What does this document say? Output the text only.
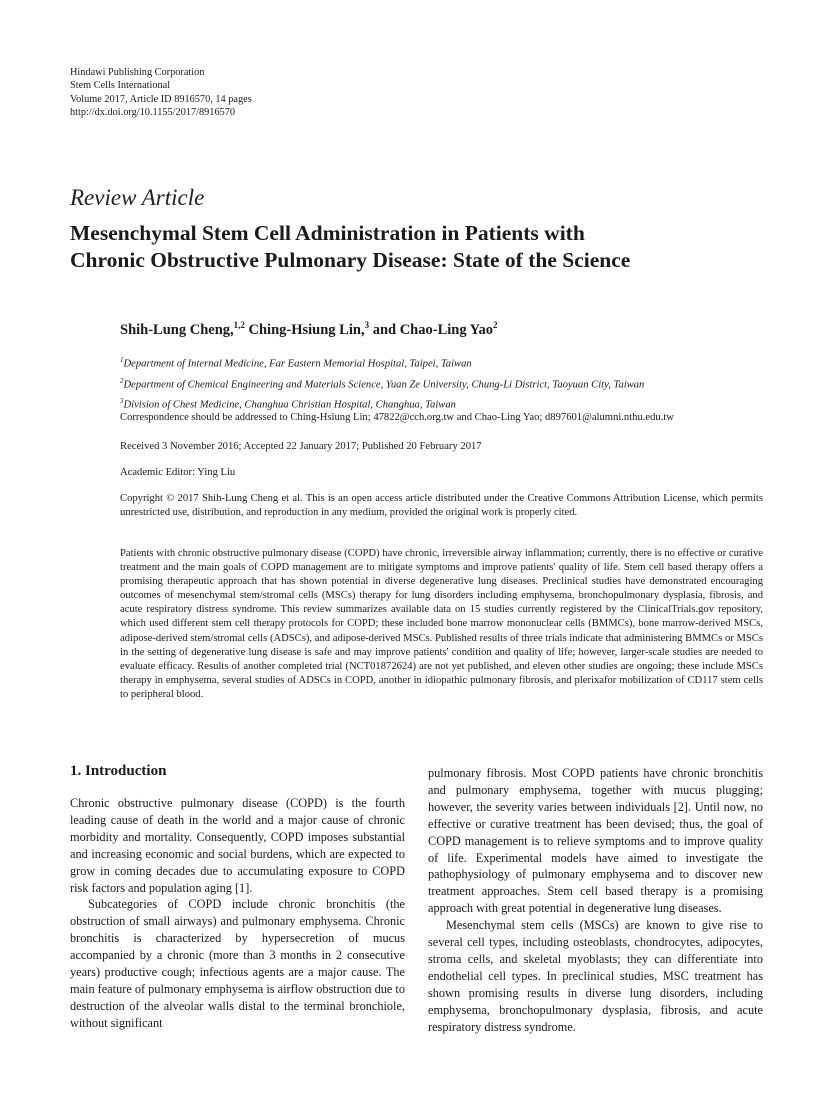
Hindawi Publishing Corporation
Stem Cells International
Volume 2017, Article ID 8916570, 14 pages
http://dx.doi.org/10.1155/2017/8916570
Review Article
Mesenchymal Stem Cell Administration in Patients with
Chronic Obstructive Pulmonary Disease: State of the Science
Shih-Lung Cheng,$^{1,2}$ Ching-Hsiung Lin,$^3$ and Chao-Ling Yao$^2$
$^1$Department of Internal Medicine, Far Eastern Memorial Hospital, Taipei, Taiwan
$^2$Department of Chemical Engineering and Materials Science, Yuan Ze University, Chung-Li District, Taoyuan City, Taiwan
$^3$Division of Chest Medicine, Changhua Christian Hospital, Changhua, Taiwan
Correspondence should be addressed to Ching-Hsiung Lin; 47822@cch.org.tw and Chao-Ling Yao; d897601@alumni.nthu.edu.tw
Received 3 November 2016; Accepted 22 January 2017; Published 20 February 2017
Academic Editor: Ying Liu
Copyright © 2017 Shih-Lung Cheng et al. This is an open access article distributed under the Creative Commons Attribution License, which permits unrestricted use, distribution, and reproduction in any medium, provided the original work is properly cited.
Patients with chronic obstructive pulmonary disease (COPD) have chronic, irreversible airway inflammation; currently, there is no effective or curative treatment and the main goals of COPD management are to mitigate symptoms and improve patients' quality of life. Stem cell based therapy offers a promising therapeutic approach that has shown potential in diverse degenerative lung diseases. Preclinical studies have demonstrated encouraging outcomes of mesenchymal stem/stromal cells (MSCs) therapy for lung disorders including emphysema, bronchopulmonary dysplasia, fibrosis, and acute respiratory distress syndrome. This review summarizes available data on 15 studies currently registered by the ClinicalTrials.gov repository, which used different stem cell therapy protocols for COPD; these included bone marrow mononuclear cells (BMMCs), bone marrow-derived MSCs, adipose-derived stem/stromal cells (ADSCs), and adipose-derived MSCs. Published results of three trials indicate that administering BMMCs or MSCs in the setting of degenerative lung disease is safe and may improve patients' condition and quality of life; however, larger-scale studies are needed to evaluate efficacy. Results of another completed trial (NCT01872624) are not yet published, and eleven other studies are ongoing; these include MSCs therapy in emphysema, several studies of ADSCs in COPD, another in idiopathic pulmonary fibrosis, and plerixafor mobilization of CD117 stem cells to peripheral blood.
1. Introduction

Chronic obstructive pulmonary disease (COPD) is the fourth leading cause of death in the world and a major cause of chronic morbidity and mortality. Consequently, COPD imposes substantial and increasing economic and social burdens, which are expected to grow in coming decades due to accumulating exposure to COPD risk factors and population aging [1].

Subcategories of COPD include chronic bronchitis (the obstruction of small airways) and pulmonary emphysema. Chronic bronchitis is characterized by hypersecretion of mucus accompanied by a chronic (more than 3 months in 2 consecutive years) productive cough; infectious agents are a major cause. The main feature of pulmonary emphysema is airflow obstruction due to destruction of the alveolar walls distal to the terminal bronchiole, without significant

pulmonary fibrosis. Most COPD patients have chronic bronchitis and pulmonary emphysema, together with mucus plugging; however, the severity varies between individuals [2]. Until now, no effective or curative treatment has been devised; thus, the goal of COPD management is to relieve symptoms and to improve quality of life. Experimental models have aimed to investigate the pathophysiology of pulmonary emphysema and to discover new treatment approaches. Stem cell based therapy is a promising approach with great potential in degenerative lung diseases.

Mesenchymal stem cells (MSCs) are known to give rise to several cell types, including osteoblasts, chondrocytes, adipocytes, stroma cells, and skeletal myoblasts; they can differentiate into endothelial cell types. In preclinical studies, MSC treatment has shown promising results in diverse lung disorders, including emphysema, bronchopulmonary dysplasia, fibrosis, and acute respiratory distress syndrome.
